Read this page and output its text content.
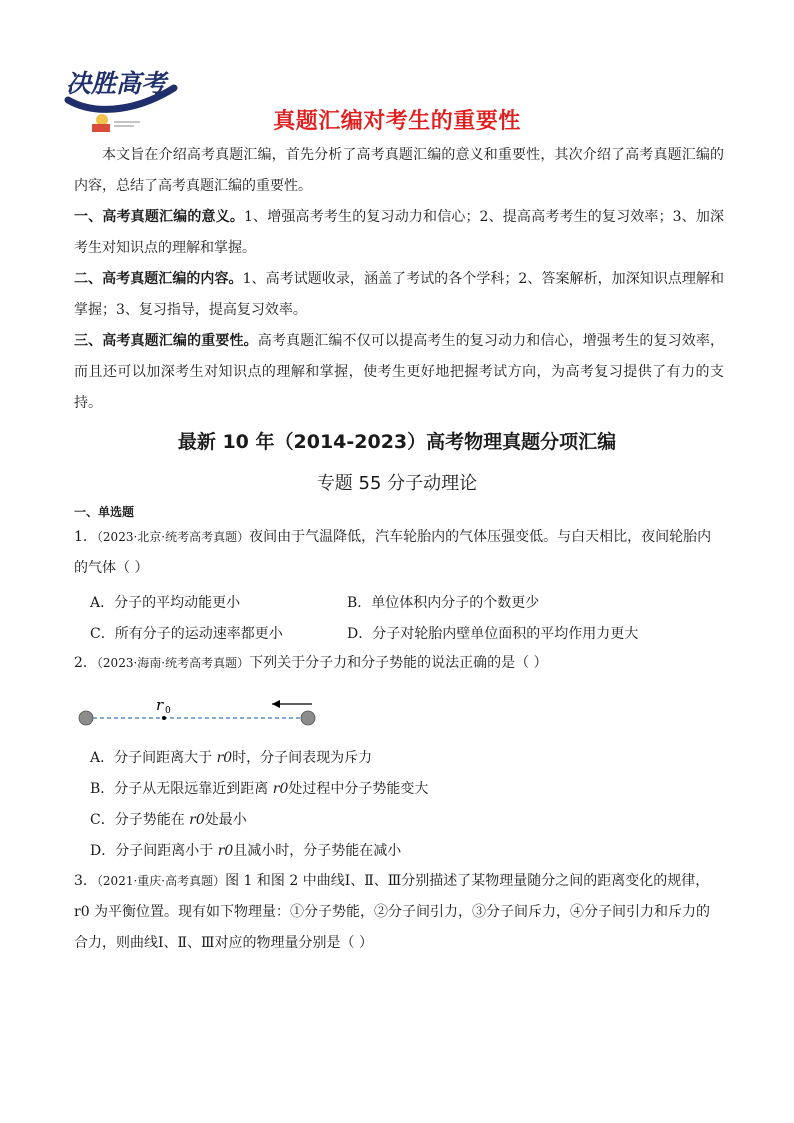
决胜高考
真题汇编对考生的重要性
本文旨在介绍高考真题汇编，首先分析了高考真题汇编的意义和重要性，其次介绍了高考真题汇编的内容，总结了高考真题汇编的重要性。
一、高考真题汇编的意义。1、增强高考考生的复习动力和信心；2、提高高考考生的复习效率；3、加深考生对知识点的理解和掌握。
二、高考真题汇编的内容。1、高考试题收录，涵盖了考试的各个学科；2、答案解析，加深知识点理解和掌握；3、复习指导，提高复习效率。
三、高考真题汇编的重要性。高考真题汇编不仅可以提高考生的复习动力和信心，增强考生的复习效率，而且还可以加深考生对知识点的理解和掌握，使考生更好地把握考试方向，为高考复习提供了有力的支持。
最新 10 年（2014-2023）高考物理真题分项汇编
专题 55 分子动理论
一、单选题
1．（2023·北京·统考高考真题）夜间由于气温降低，汽车轮胎内的气体压强变低。与白天相比，夜间轮胎内的气体（ ）
A．分子的平均动能更小	B．单位体积内分子的个数更少
C．所有分子的运动速率都更小	D．分子对轮胎内壁单位面积的平均作用力更大
2．（2023·海南·统考高考真题）下列关于分子力和分子势能的说法正确的是（ ）
r 0
A．分子间距离大于 r0时，分子间表现为斥力
B．分子从无限远靠近到距离 r0处过程中分子势能变大
C．分子势能在 r0处最小
D．分子间距离小于 r0且减小时，分子势能在减小
3．（2021·重庆·高考真题）图 1 和图 2 中曲线Ⅰ、Ⅱ、Ⅲ分别描述了某物理量随分之间的距离变化的规律，r0 为平衡位置。现有如下物理量：①分子势能，②分子间引力，③分子间斥力，④分子间引力和斥力的合力，则曲线Ⅰ、Ⅱ、Ⅲ对应的物理量分别是（ ）
